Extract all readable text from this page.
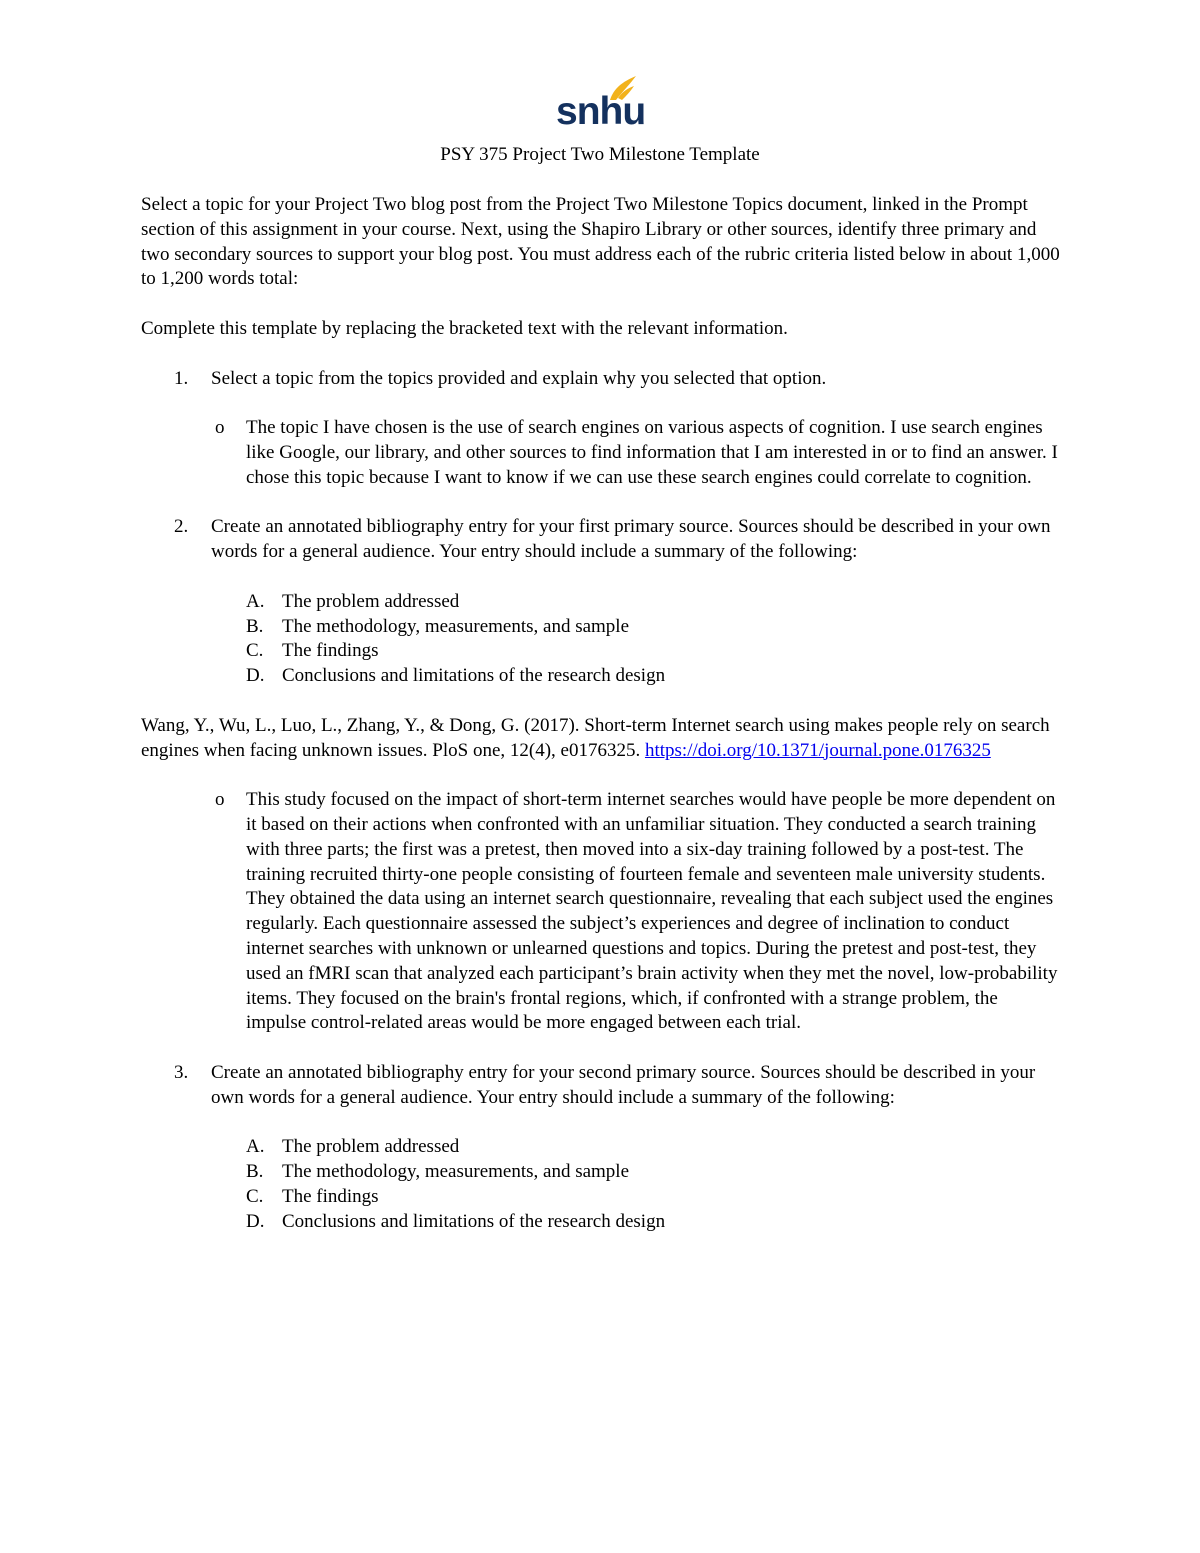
snhu
PSY 375 Project Two Milestone Template

Select a topic for your Project Two blog post from the Project Two Milestone Topics document, linked in the Prompt section of this assignment in your course. Next, using the Shapiro Library or other sources, identify three primary and two secondary sources to support your blog post. You must address each of the rubric criteria listed below in about 1,000 to 1,200 words total:

Complete this template by replacing the bracketed text with the relevant information.

1. Select a topic from the topics provided and explain why you selected that option.
o The topic I have chosen is the use of search engines on various aspects of cognition. I use search engines like Google, our library, and other sources to find information that I am interested in or to find an answer. I chose this topic because I want to know if we can use these search engines could correlate to cognition.
2. Create an annotated bibliography entry for your first primary source. Sources should be described in your own words for a general audience. Your entry should include a summary of the following:
A. The problem addressed
B. The methodology, measurements, and sample
C. The findings
D. Conclusions and limitations of the research design

Wang, Y., Wu, L., Luo, L., Zhang, Y., & Dong, G. (2017). Short-term Internet search using makes people rely on search engines when facing unknown issues. PloS one, 12(4), e0176325. https://doi.org/10.1371/journal.pone.0176325

o This study focused on the impact of short-term internet searches would have people be more dependent on it based on their actions when confronted with an unfamiliar situation. They conducted a search training with three parts; the first was a pretest, then moved into a six-day training followed by a post-test. The training recruited thirty-one people consisting of fourteen female and seventeen male university students. They obtained the data using an internet search questionnaire, revealing that each subject used the engines regularly. Each questionnaire assessed the subject’s experiences and degree of inclination to conduct internet searches with unknown or unlearned questions and topics. During the pretest and post-test, they used an fMRI scan that analyzed each participant’s brain activity when they met the novel, low-probability items. They focused on the brain's frontal regions, which, if confronted with a strange problem, the impulse control-related areas would be more engaged between each trial.
3. Create an annotated bibliography entry for your second primary source. Sources should be described in your own words for a general audience. Your entry should include a summary of the following:
A. The problem addressed
B. The methodology, measurements, and sample
C. The findings
D. Conclusions and limitations of the research design
